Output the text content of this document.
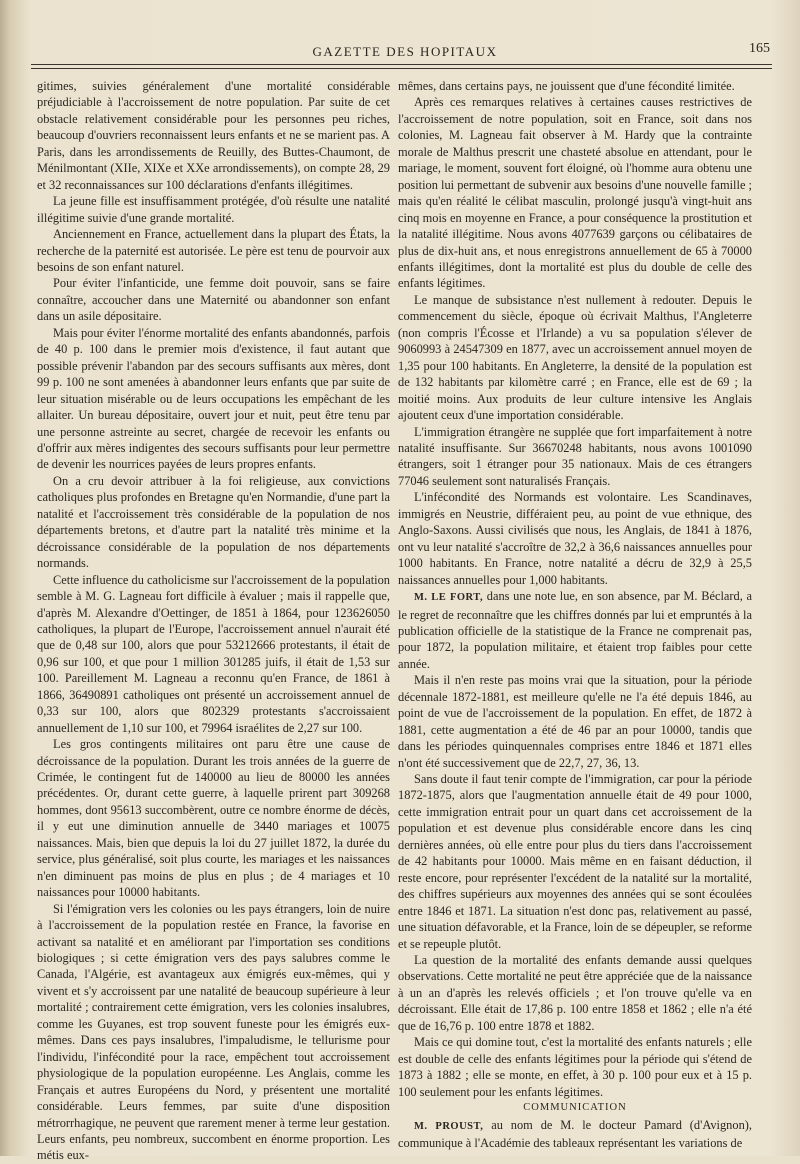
GAZETTE DES HOPITAUX	165

gitimes, suivies généralement d'une mortalité considérable préjudiciable à l'accroissement de notre population. Par suite de cet obstacle relativement considérable pour les personnes peu riches, beaucoup d'ouvriers reconnaissent leurs enfants et ne se marient pas. A Paris, dans les arrondissements de Reuilly, des Buttes-Chaumont, de Ménilmontant (XIIe, XIXe et XXe arrondissements), on compte 28, 29 et 32 reconnaissances sur 100 déclarations d'enfants illégitimes.

La jeune fille est insuffisamment protégée, d'où résulte une natalité illégitime suivie d'une grande mortalité.

Anciennement en France, actuellement dans la plupart des États, la recherche de la paternité est autorisée. Le père est tenu de pourvoir aux besoins de son enfant naturel.

Pour éviter l'infanticide, une femme doit pouvoir, sans se faire connaître, accoucher dans une Maternité ou abandonner son enfant dans un asile dépositaire.

Mais pour éviter l'énorme mortalité des enfants abandonnés, parfois de 40 p. 100 dans le premier mois d'existence, il faut autant que possible prévenir l'abandon par des secours suffisants aux mères, dont 99 p. 100 ne sont amenées à abandonner leurs enfants que par suite de leur situation misérable ou de leurs occupations les empêchant de les allaiter. Un bureau dépositaire, ouvert jour et nuit, peut être tenu par une personne astreinte au secret, chargée de recevoir les enfants ou d'offrir aux mères indigentes des secours suffisants pour leur permettre de devenir les nourrices payées de leurs propres enfants.

On a cru devoir attribuer à la foi religieuse, aux convictions catholiques plus profondes en Bretagne qu'en Normandie, d'une part la natalité et l'accroissement très considérable de la population de nos départements bretons, et d'autre part la natalité très minime et la décroissance considérable de la population de nos départements normands.

Cette influence du catholicisme sur l'accroissement de la population semble à M. G. Lagneau fort difficile à évaluer ; mais il rappelle que, d'après M. Alexandre d'Oettinger, de 1851 à 1864, pour 123626050 catholiques, la plupart de l'Europe, l'accroissement annuel n'aurait été que de 0,48 sur 100, alors que pour 53212666 protestants, il était de 0,96 sur 100, et que pour 1 million 301285 juifs, il était de 1,53 sur 100. Pareillement M. Lagneau a reconnu qu'en France, de 1861 à 1866, 36490891 catholiques ont présenté un accroissement annuel de 0,33 sur 100, alors que 802329 protestants s'accroissaient annuellement de 1,10 sur 100, et 79964 israélites de 2,27 sur 100.

Les gros contingents militaires ont paru être une cause de décroissance de la population. Durant les trois années de la guerre de Crimée, le contingent fut de 140000 au lieu de 80000 les années précédentes. Or, durant cette guerre, à laquelle prirent part 309268 hommes, dont 95613 succombèrent, outre ce nombre énorme de décès, il y eut une diminution annuelle de 3440 mariages et 10075 naissances. Mais, bien que depuis la loi du 27 juillet 1872, la durée du service, plus généralisé, soit plus courte, les mariages et les naissances n'en diminuent pas moins de plus en plus ; de 4 mariages et 10 naissances pour 10000 habitants.

Si l'émigration vers les colonies ou les pays étrangers, loin de nuire à l'accroissement de la population restée en France, la favorise en activant sa natalité et en améliorant par l'importation ses conditions biologiques ; si cette émigration vers des pays salubres comme le Canada, l'Algérie, est avantageux aux émigrés eux-mêmes, qui y vivent et s'y accroissent par une natalité de beaucoup supérieure à leur mortalité ; contrairement cette émigration, vers les colonies insalubres, comme les Guyanes, est trop souvent funeste pour les émigrés eux-mêmes. Dans ces pays insalubres, l'impaludisme, le tellurisme pour l'individu, l'infécondité pour la race, empêchent tout accroissement physiologique de la population européenne. Les Anglais, comme les Français et autres Européens du Nord, y présentent une mortalité considérable. Leurs femmes, par suite d'une disposition métrorrhagique, ne peuvent que rarement mener à terme leur gestation. Leurs enfants, peu nombreux, succombent en énorme proportion. Les métis eux-

mêmes, dans certains pays, ne jouissent que d'une fécondité limitée.

Après ces remarques relatives à certaines causes restrictives de l'accroissement de notre population, soit en France, soit dans nos colonies, M. Lagneau fait observer à M. Hardy que la contrainte morale de Malthus prescrit une chasteté absolue en attendant, pour le mariage, le moment, souvent fort éloigné, où l'homme aura obtenu une position lui permettant de subvenir aux besoins d'une nouvelle famille ; mais qu'en réalité le célibat masculin, prolongé jusqu'à vingt-huit ans cinq mois en moyenne en France, a pour conséquence la prostitution et la natalité illégitime. Nous avons 4077639 garçons ou célibataires de plus de dix-huit ans, et nous enregistrons annuellement de 65 à 70000 enfants illégitimes, dont la mortalité est plus du double de celle des enfants légitimes.

Le manque de subsistance n'est nullement à redouter. Depuis le commencement du siècle, époque où écrivait Malthus, l'Angleterre (non compris l'Écosse et l'Irlande) a vu sa population s'élever de 9060993 à 24547309 en 1877, avec un accroissement annuel moyen de 1,35 pour 100 habitants. En Angleterre, la densité de la population est de 132 habitants par kilomètre carré ; en France, elle est de 69 ; la moitié moins. Aux produits de leur culture intensive les Anglais ajoutent ceux d'une importation considérable.

L'immigration étrangère ne supplée que fort imparfaitement à notre natalité insuffisante. Sur 36670248 habitants, nous avons 1001090 étrangers, soit 1 étranger pour 35 nationaux. Mais de ces étrangers 77046 seulement sont naturalisés Français.

L'infécondité des Normands est volontaire. Les Scandinaves, immigrés en Neustrie, différaient peu, au point de vue ethnique, des Anglo-Saxons. Aussi civilisés que nous, les Anglais, de 1841 à 1876, ont vu leur natalité s'accroître de 32,2 à 36,6 naissances annuelles pour 1000 habitants. En France, notre natalité a décru de 32,9 à 25,5 naissances annuelles pour 1,000 habitants.

M. LE FORT, dans une note lue, en son absence, par M. Béclard, a le regret de reconnaître que les chiffres donnés par lui et empruntés à la publication officielle de la statistique de la France ne comprenait pas, pour 1872, la population militaire, et étaient trop faibles pour cette année.

Mais il n'en reste pas moins vrai que la situation, pour la période décennale 1872-1881, est meilleure qu'elle ne l'a été depuis 1846, au point de vue de l'accroissement de la population. En effet, de 1872 à 1881, cette augmentation a été de 46 par an pour 10000, tandis que dans les périodes quinquennales comprises entre 1846 et 1871 elles n'ont été successivement que de 22,7, 27, 36, 13.

Sans doute il faut tenir compte de l'immigration, car pour la période 1872-1875, alors que l'augmentation annuelle était de 49 pour 1000, cette immigration entrait pour un quart dans cet accroissement de la population et est devenue plus considérable encore dans les cinq dernières années, où elle entre pour plus du tiers dans l'accroissement de 42 habitants pour 10000. Mais même en en faisant déduction, il reste encore, pour représenter l'excédent de la natalité sur la mortalité, des chiffres supérieurs aux moyennes des années qui se sont écoulées entre 1846 et 1871. La situation n'est donc pas, relativement au passé, une situation défavorable, et la France, loin de se dépeupler, se reforme et se repeuple plutôt.

La question de la mortalité des enfants demande aussi quelques observations. Cette mortalité ne peut être appréciée que de la naissance à un an d'après les relevés officiels ; et l'on trouve qu'elle va en décroissant. Elle était de 17,86 p. 100 entre 1858 et 1862 ; elle n'a été que de 16,76 p. 100 entre 1878 et 1882.

Mais ce qui domine tout, c'est la mortalité des enfants naturels ; elle est double de celle des enfants légitimes pour la période qui s'étend de 1873 à 1882 ; elle se monte, en effet, à 30 p. 100 pour eux et à 15 p. 100 seulement pour les enfants légitimes.

COMMUNICATION

M. PROUST, au nom de M. le docteur Pamard (d'Avignon), communique à l'Académie des tableaux représentant les variations de
